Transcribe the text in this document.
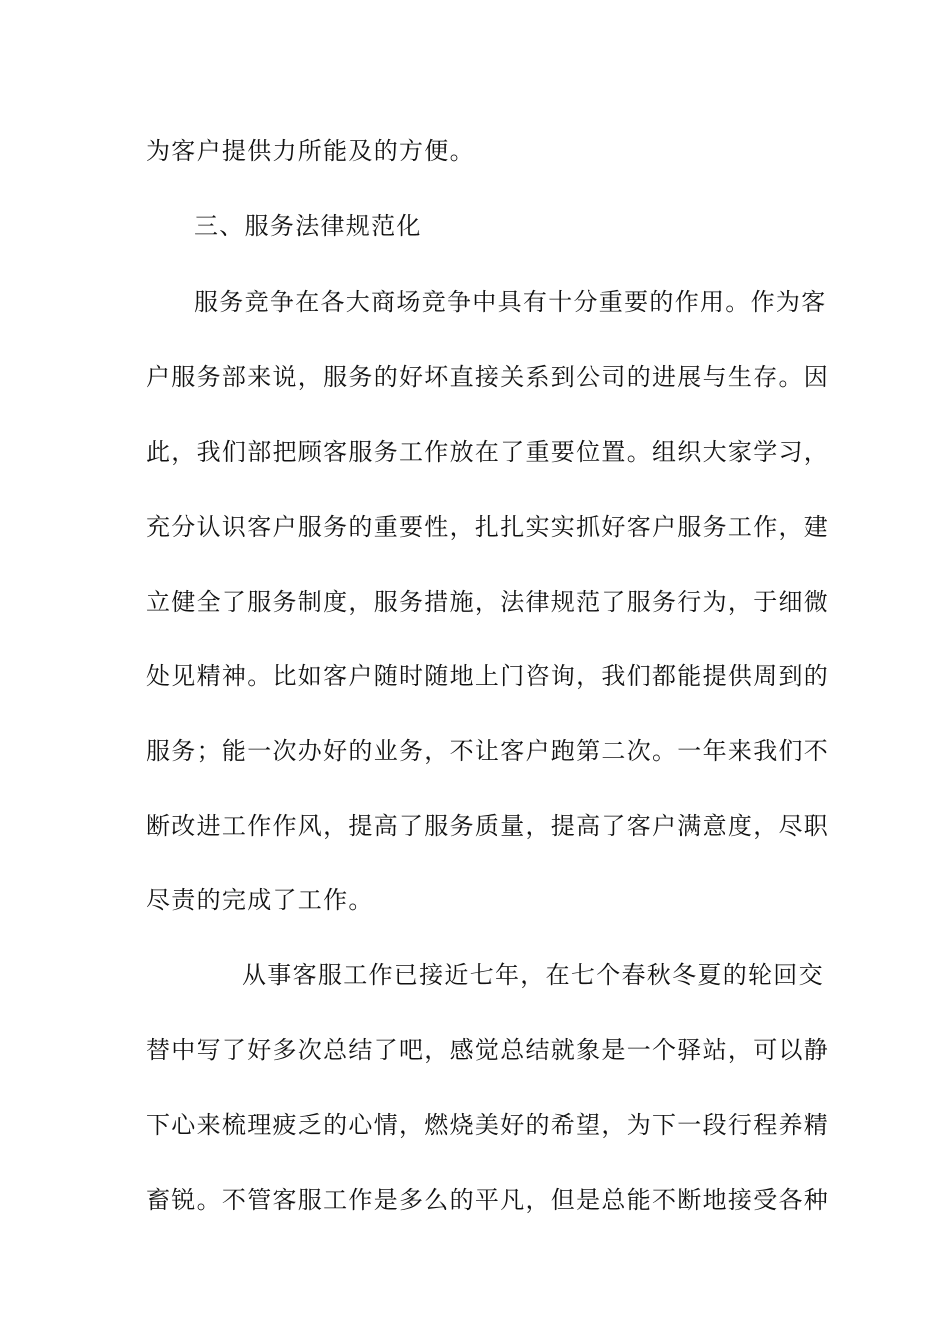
为客户提供力所能及的方便。
三、服务法律规范化
服务竞争在各大商场竞争中具有十分重要的作用。作为客
户服务部来说，服务的好坏直接关系到公司的进展与生存。因
此，我们部把顾客服务工作放在了重要位置。组织大家学习，
充分认识客户服务的重要性，扎扎实实抓好客户服务工作，建
立健全了服务制度，服务措施，法律规范了服务行为，于细微
处见精神。比如客户随时随地上门咨询，我们都能提供周到的
服务；能一次办好的业务，不让客户跑第二次。一年来我们不
断改进工作作风，提高了服务质量，提高了客户满意度，尽职
尽责的完成了工作。
从事客服工作已接近七年，在七个春秋冬夏的轮回交
替中写了好多次总结了吧，感觉总结就象是一个驿站，可以静
下心来梳理疲乏的心情，燃烧美好的希望，为下一段行程养精
畜锐。不管客服工作是多么的平凡，但是总能不断地接受各种
